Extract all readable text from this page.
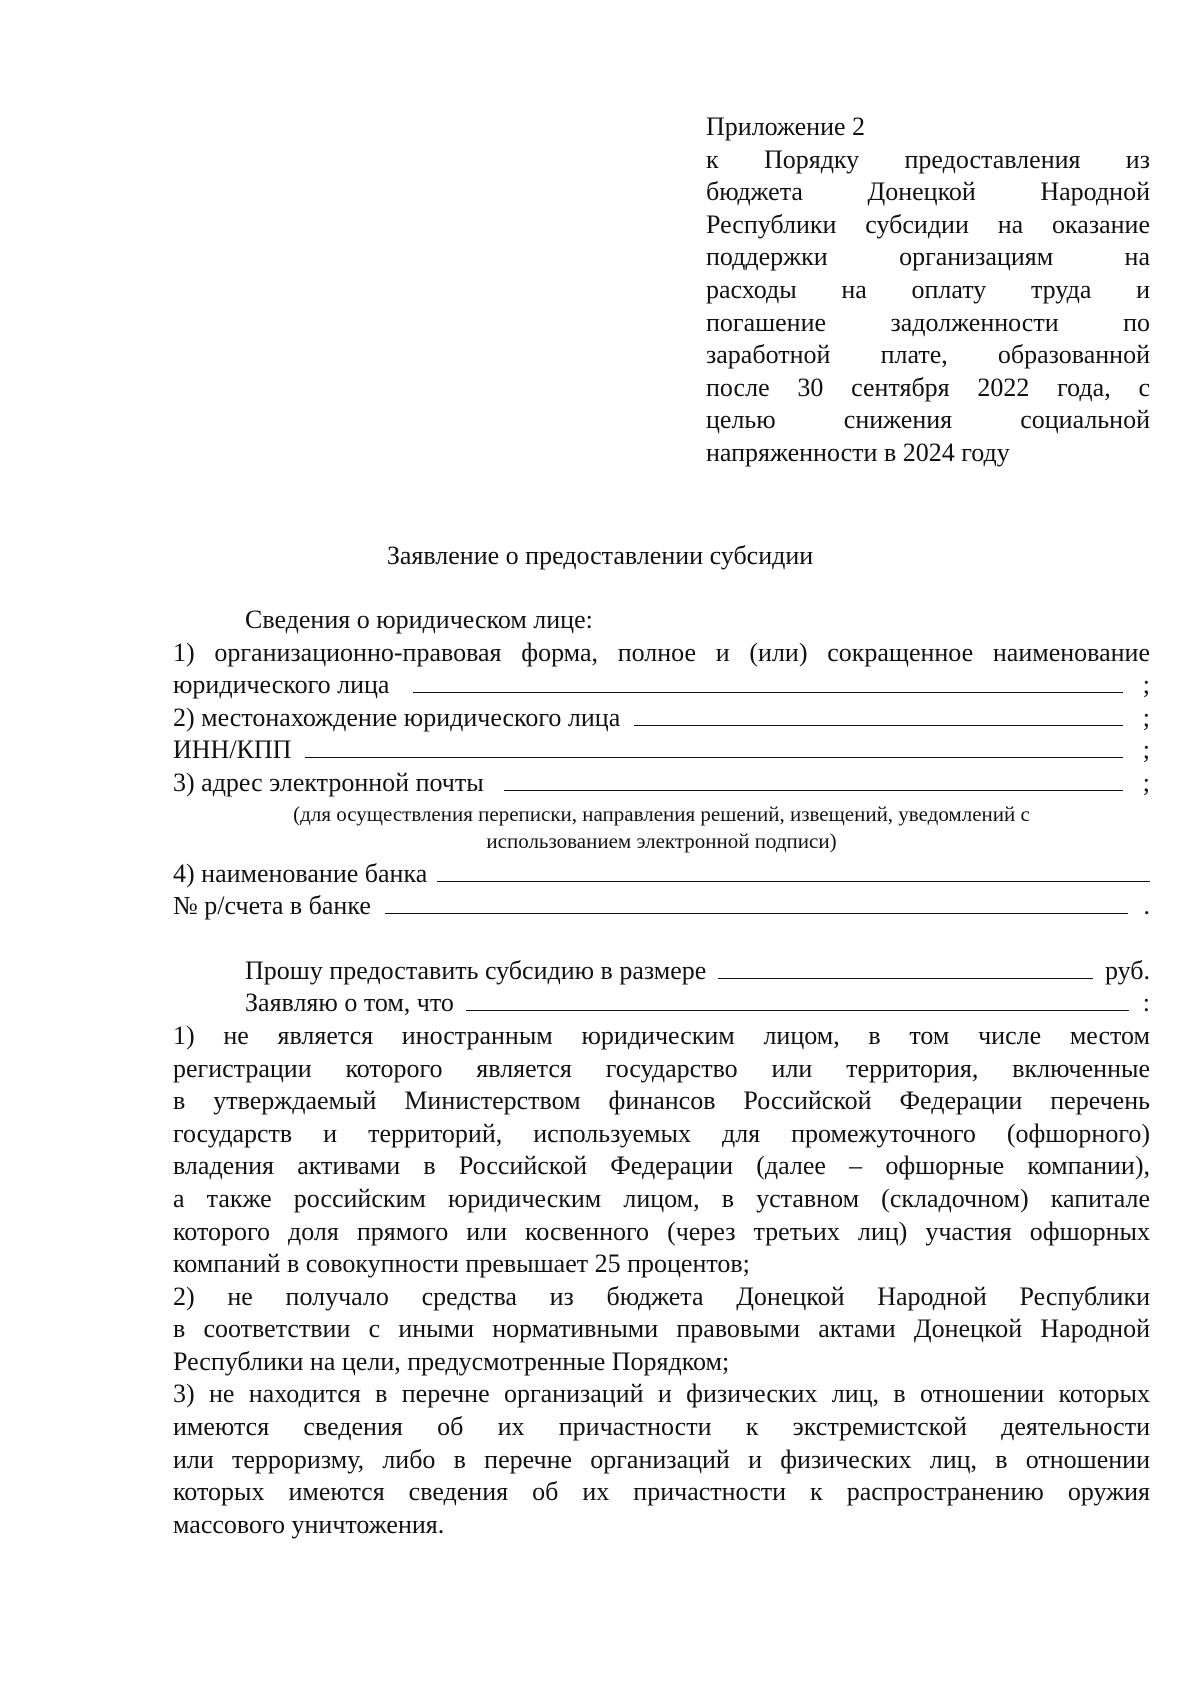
Приложение 2
к Порядку предоставления из
бюджета Донецкой Народной
Республики субсидии на оказание
поддержки организациям на
расходы на оплату труда и
погашение задолженности по
заработной плате, образованной
после 30 сентября 2022 года, с
целью снижения социальной
напряженности в 2024 году
Заявление о предоставлении субсидии
Сведения о юридическом лице:
1) организационно-правовая форма, полное и (или) сокращенное наименование
юридического лица	;
2) местонахождение юридического лица	;
ИНН/КПП	;
3) адрес электронной почты	;
(для осуществления переписки, направления решений, извещений, уведомлений с
использованием электронной подписи)
4) наименование банка
№ р/счета в банке	.
Прошу предоставить субсидию в размере	руб.
Заявляю о том, что	:
1) не является иностранным юридическим лицом, в том числе местом
регистрации которого является государство или территория, включенные
в утверждаемый Министерством финансов Российской Федерации перечень
государств и территорий, используемых для промежуточного (офшорного)
владения активами в Российской Федерации (далее – офшорные компании),
а также российским юридическим лицом, в уставном (складочном) капитале
которого доля прямого или косвенного (через третьих лиц) участия офшорных
компаний в совокупности превышает 25 процентов;
2) не получало средства из бюджета Донецкой Народной Республики
в соответствии с иными нормативными правовыми актами Донецкой Народной
Республики на цели, предусмотренные Порядком;
3) не находится в перечне организаций и физических лиц, в отношении которых
имеются сведения об их причастности к экстремистской деятельности
или терроризму, либо в перечне организаций и физических лиц, в отношении
которых имеются сведения об их причастности к распространению оружия
массового уничтожения.
